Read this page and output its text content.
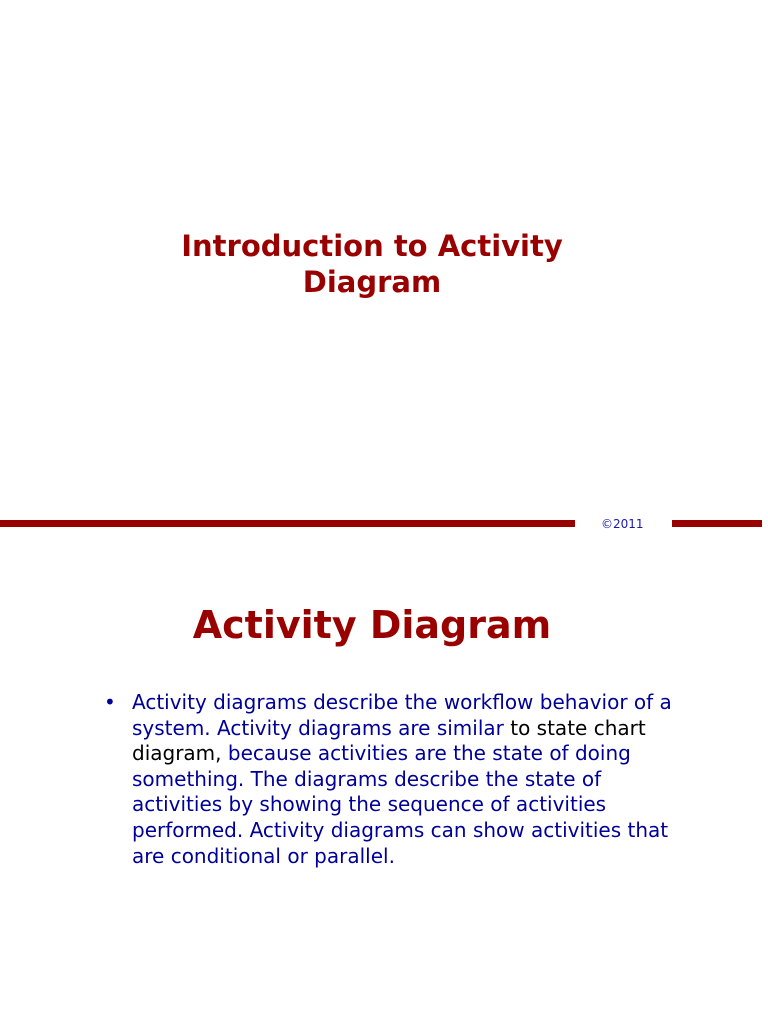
Introduction to Activity
Diagram
©2011
Activity Diagram
• Activity diagrams describe the workflow behavior of a system. Activity diagrams are similar to state chart diagram, because activities are the state of doing something. The diagrams describe the state of activities by showing the sequence of activities performed. Activity diagrams can show activities that are conditional or parallel.
